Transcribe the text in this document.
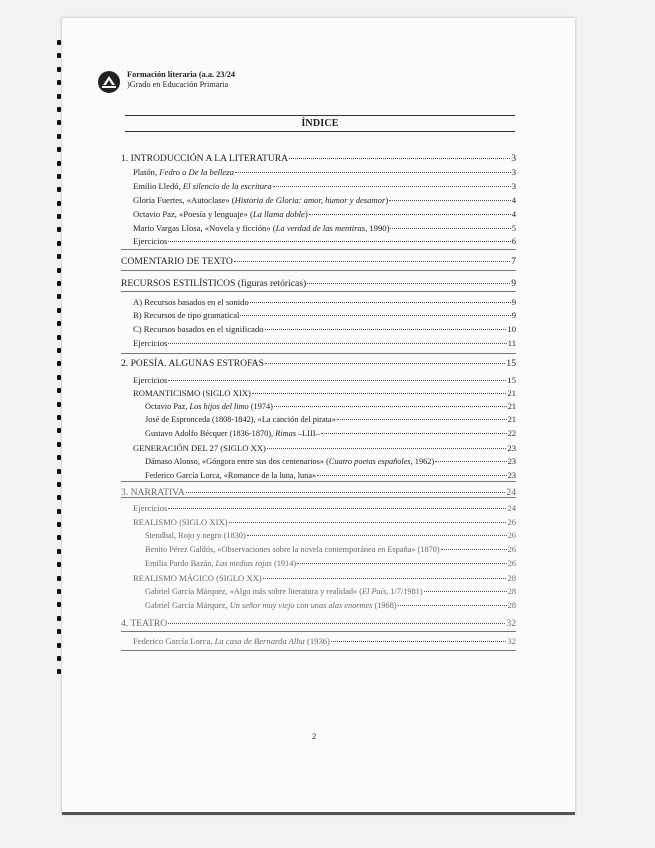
Formación literaria (a.a. 23/24
)Grado en Educación Primaria
ÍNDICE
1. INTRODUCCIÓN A LA LITERATURA	3
Platón, Fedro o De la belleza	3
Emilio Lledó, El silencio de la escritura	3
Gloria Fuertes, «Autoclase» (Historia de Gloria: amor, humor y desamor)	4
Octavio Paz, «Poesía y lenguaje» (La llama doble)	4
Mario Vargas Llosa, «Novela y ficción» (La verdad de las mentiras, 1990)	5
Ejercicios	6
COMENTARIO DE TEXTO	7
RECURSOS ESTILÍSTICOS (figuras retóricas)	9
A) Recursos basados en el sonido	9
B) Recursos de tipo gramatical	9
C) Recursos basados en el significado	10
Ejercicios	11
2. POESÍA. ALGUNAS ESTROFAS	15
Ejercicios	15
ROMANTICISMO (SIGLO XIX)	21
Octavio Paz, Los hijos del limo (1974)	21
José de Espronceda (1808-1842), «La canción del pirata»	21
Gustavo Adolfo Bécquer (1836-1870), Rimas –LIII–	22
GENERACIÓN DEL 27 (SIGLO XX)	23
Dámaso Alonso, «Góngora entre sus dos centenarios» (Cuatro poetas españoles, 1962)	23
Federico García Lorca, «Romance de la luna, luna»	23
3. NARRATIVA	24
Ejercicios	24
REALISMO (SIGLO XIX)	26
Stendhal, Rojo y negro (1830)	26
Benito Pérez Galdós, «Observaciones sobre la novela contemporánea en España» (1870)	26
Emilia Pardo Bazán, Las medias rojas (1914)	26
REALISMO MÁGICO (SIGLO XX)	28
Gabriel García Márquez, «Algo más sobre literatura y realidad» (El País, 1/7/1981)	28
Gabriel García Márquez, Un señor muy viejo con unas alas enormes (1968)	28
4. TEATRO	32
Federico García Lorca, La casa de Bernarda Alba (1936)	32
2
